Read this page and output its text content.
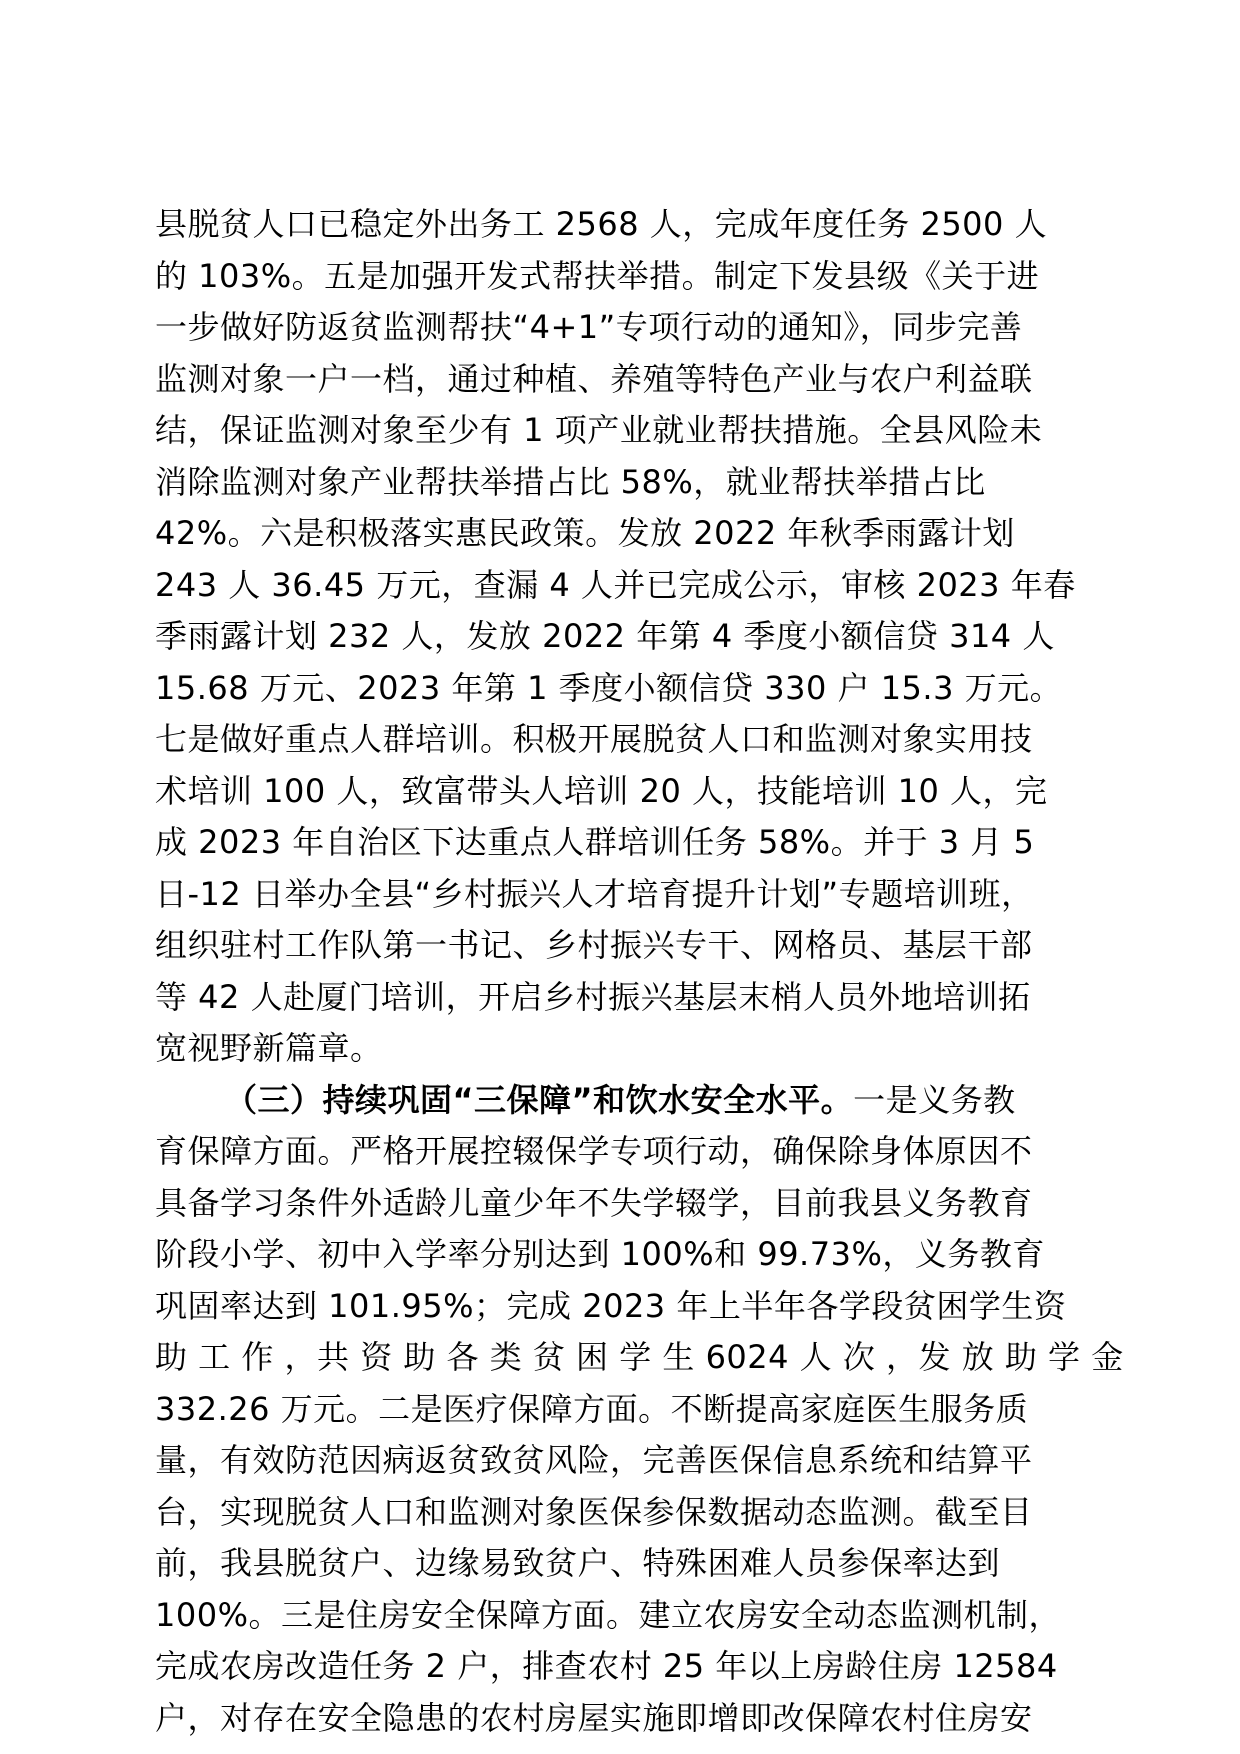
县脱贫人口已稳定外出务工 2568 人，完成年度任务 2500 人
的 103%。五是加强开发式帮扶举措。制定下发县级《关于进
一步做好防返贫监测帮扶“4+1”专项行动的通知》，同步完善
监测对象一户一档，通过种植、养殖等特色产业与农户利益联
结，保证监测对象至少有 1 项产业就业帮扶措施。全县风险未
消除监测对象产业帮扶举措占比 58%，就业帮扶举措占比
42%。六是积极落实惠民政策。发放 2022 年秋季雨露计划
243 人 36.45 万元，查漏 4 人并已完成公示，审核 2023 年春
季雨露计划 232 人，发放 2022 年第 4 季度小额信贷 314 人
15.68 万元、2023 年第 1 季度小额信贷 330 户 15.3 万元。
七是做好重点人群培训。积极开展脱贫人口和监测对象实用技
术培训 100 人，致富带头人培训 20 人，技能培训 10 人，完
成 2023 年自治区下达重点人群培训任务 58%。并于 3 月 5
日-12 日举办全县“乡村振兴人才培育提升计划”专题培训班，
组织驻村工作队第一书记、乡村振兴专干、网格员、基层干部
等 42 人赴厦门培训，开启乡村振兴基层末梢人员外地培训拓
宽视野新篇章。
（三）持续巩固“三保障”和饮水安全水平。一是义务教
育保障方面。严格开展控辍保学专项行动，确保除身体原因不
具备学习条件外适龄儿童少年不失学辍学，目前我县义务教育
阶段小学、初中入学率分别达到 100%和 99.73%，义务教育
巩固率达到 101.95%；完成 2023 年上半年各学段贫困学生资
助 工 作 ，共 资 助 各 类 贫 困 学 生 6024 人 次 ，发 放 助 学 金
332.26 万元。二是医疗保障方面。不断提高家庭医生服务质
量，有效防范因病返贫致贫风险，完善医保信息系统和结算平
台，实现脱贫人口和监测对象医保参保数据动态监测。截至目
前，我县脱贫户、边缘易致贫户、特殊困难人员参保率达到
100%。三是住房安全保障方面。建立农房安全动态监测机制，
完成农房改造任务 2 户，排查农村 25 年以上房龄住房 12584
户，对存在安全隐患的农村房屋实施即增即改保障农村住房安
